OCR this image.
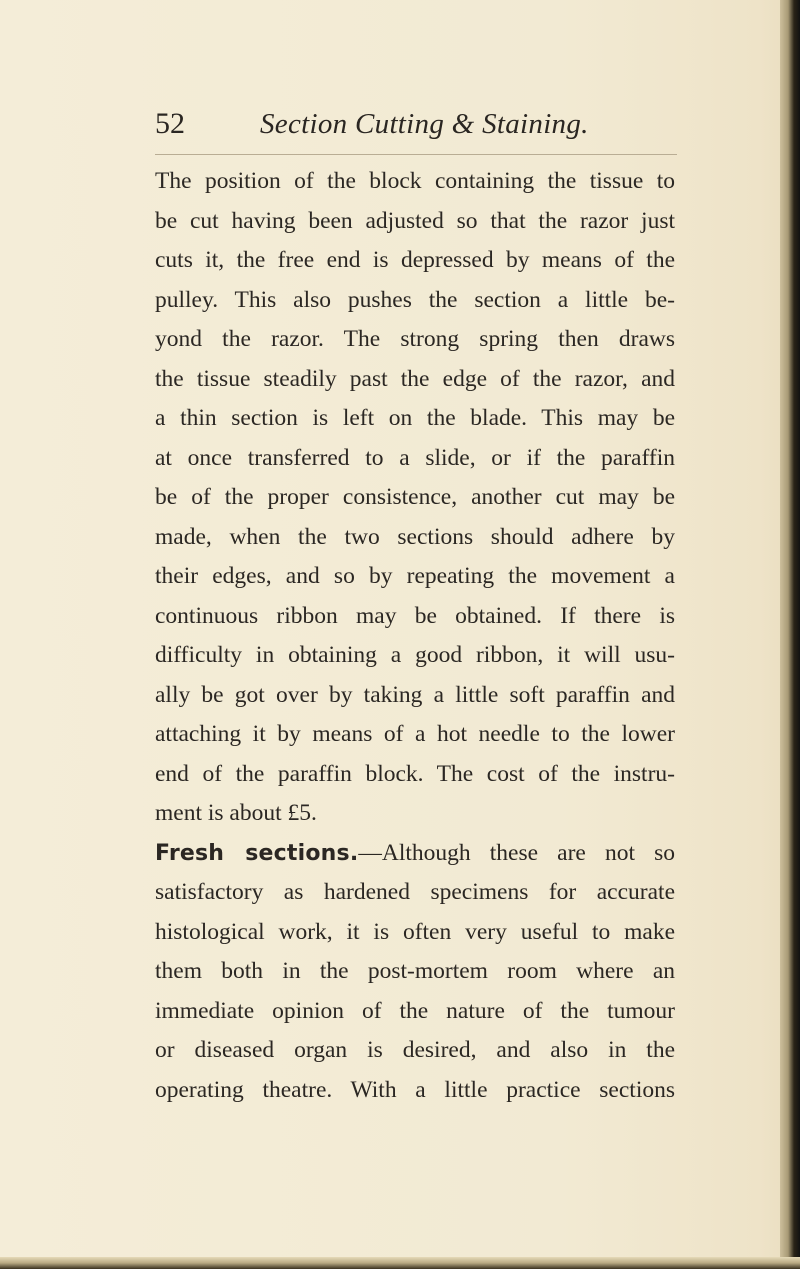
52	Section Cutting & Staining.

The position of the block containing the tissue to
be cut having been adjusted so that the razor just
cuts it, the free end is depressed by means of the
pulley. This also pushes the section a little be-
yond the razor. The strong spring then draws
the tissue steadily past the edge of the razor, and
a thin section is left on the blade. This may be
at once transferred to a slide, or if the paraffin
be of the proper consistence, another cut may be
made, when the two sections should adhere by
their edges, and so by repeating the movement a
continuous ribbon may be obtained. If there is
difficulty in obtaining a good ribbon, it will usu-
ally be got over by taking a little soft paraffin and
attaching it by means of a hot needle to the lower
end of the paraffin block. The cost of the instru-
ment is about £5.

Fresh sections.—Although these are not so
satisfactory as hardened specimens for accurate
histological work, it is often very useful to make
them both in the post-mortem room where an
immediate opinion of the nature of the tumour
or diseased organ is desired, and also in the
operating theatre. With a little practice sections
